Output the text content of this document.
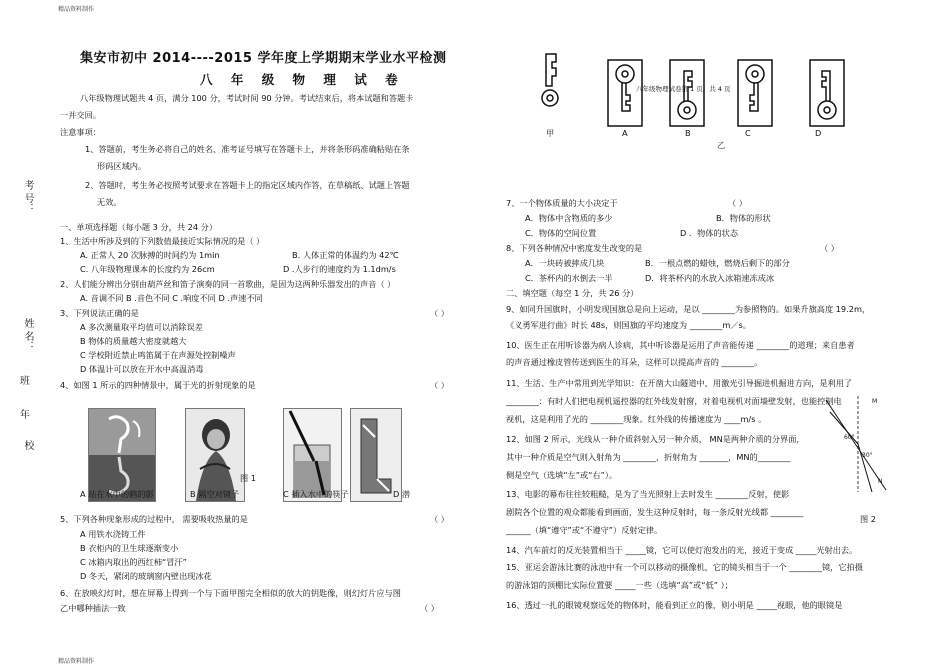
精品资料制作
精品资料制作
考 号：
姓 名：
班
年
校
集安市初中 2014----2015 学年度上学期期末学业水平检测
八 年 级 物 理 试 卷
八年级物理试题共 4 页，满分 100 分，考试时间 90 分钟。考试结束后，将本试题和答题卡
一并交回。
注意事项：
1、答题前，考生务必将自己的姓名、准考证号填写在答题卡上，并将条形码准确粘贴在条
形码区域内。
2、答题时，考生务必按照考试要求在答题卡上的指定区域内作答，在草稿纸、试题上答题
无效。
一、单项选择题（每小题 3 分，共 24 分）
1、生活中所涉及到的下列数值最接近实际情况的是（ ）
A. 正常人 20 次脉搏的时间约为 1min	B. 人体正常的体温约为 42℃
C. 八年级物理课本的长度约为 26cm	D .人步行的速度约为 1.1dm/s
2、人们能分辨出分别由葫芦丝和笛子演奏的同一首歌曲，是因为这两种乐器发出的声音（ ）
A. 音调不同 B .音色不同 C .响度不同 D .声速不同
3、下列说法正确的是	（ ）
A 多次测量取平均值可以消除误差
B 物体的质量越大密度就越大
C 学校附近禁止鸣笛属于在声源处控制噪声
D 体温计可以放在开水中高温消毒
4、如图 1 所示的四种情景中，属于光的折射现象的是	（ ）
图 1
A 站在水中的鹤的影	B 隔空对镜子	C 插入水中的筷子	D 潜
5、下列各种现象形成的过程中， 需要吸收热量的是	（ ）
A 用铁水浇铸工件
B 衣柜内的卫生球逐渐变小
C 冰箱内取出的西红柿“冒汗”
D 冬天，紧闭的玻璃窗内壁出现冰花
6、在放映幻灯时，想在屏幕上得到一个与下面甲图完全相似的放大的钥匙像，则幻灯片应与图
乙中哪种插法一致	（ ）
八年级物理试卷第 1 页，共 4 页
甲	A	B	C	D
乙
7、一个物体质量的大小决定于	（ ）
A．物体中含物质的多少	B．物体的形状
C．物体的空间位置	D ．物体的状态
8、下列各种情况中密度发生改变的是	（ ）
A．一块砖被摔成几块	B．一根点燃的蜡烛，燃烧后剩下的部分
C．茶杯内的水倒去一半	D．将茶杯内的水放入冰箱速冻成冰
二、填空题（每空 1 分，共 26 分）
9、如同升国旗时，小明发现国旗总是向上运动，是以 ________为参照物的。如果升旗高度 19.2m，
《义勇军进行曲》时长 48s，则国旗的平均速度为 ________m／s。
10、医生正在用听诊器为病人诊病，其中听诊器是运用了声音能传递 ________的道理；来自患者
的声音通过橡皮管传送到医生的耳朵，这样可以提高声音的 ________。
11、生活、生产中常用到光学知识：在开凿大山隧道中，用激光引导掘进机掘进方向，是利用了
________：有时人们把电视机遥控器的红外线发射窗，对着电视机对面墙壁发射，也能控制电
视机，这是利用了光的 ________现象。红外线的传播速度为 ____m/s 。
12、如图 2 所示，光线从一种介质斜射入另一种介质， MN是两种介质的分界面，
其中一种介质是空气则入射角为 ________，折射角为 _______，MN的________
侧是空气（选填“左”或“右”）。
M
N
60°
30°
13、电影的幕布往往较粗糙，是为了当光照射上去时发生 ________反射，使影
剧院各个位置的观众都能看到画面，发生这种反射时，每一条反射光线都 ________
图 2
______（填“遵守”或“不遵守”）反射定律。
14、汽车前灯的反光装置相当于 _____镜，它可以使灯泡发出的光，接近于变成 _____光射出去。
15、亚运会游泳比赛的泳池中有一个可以移动的摄像机，它的镜头相当于一个 ________镜，它拍摄
的游泳馆的顶棚比实际位置要 _____一些（选填“高”或“低” ）；
16、透过一扎的眼镜观察远处的物体时，能看到正立的像，则小明是 _____视眼，他的眼镜是
